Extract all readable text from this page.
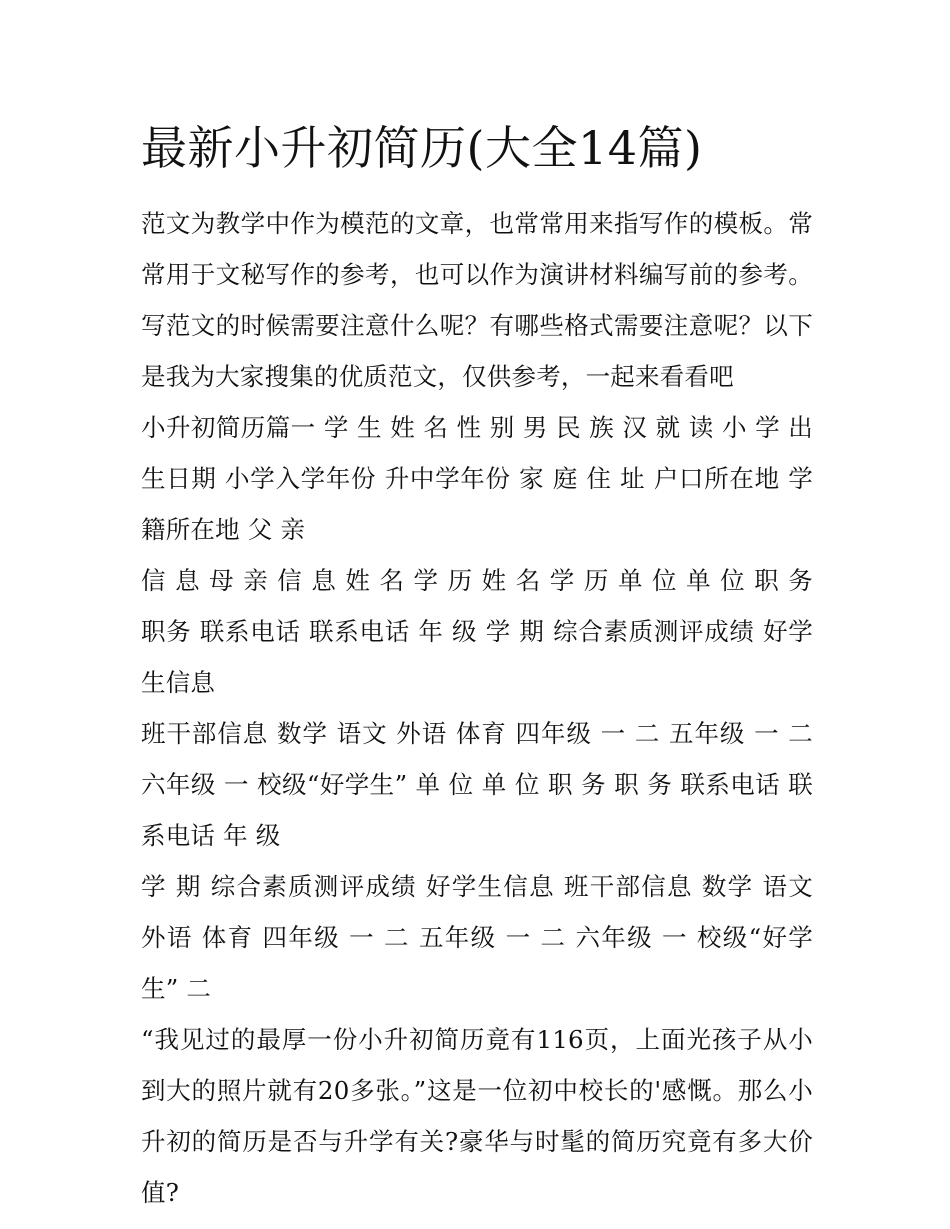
最新小升初简历(大全14篇)

范文为教学中作为模范的文章，也常常用来指写作的模板。常常用于文秘写作的参考，也可以作为演讲材料编写前的参考。写范文的时候需要注意什么呢？有哪些格式需要注意呢？以下是我为大家搜集的优质范文，仅供参考，一起来看看吧

小升初简历篇一 学 生 姓 名 性 别 男 民 族 汉 就 读 小 学 出生日期 小学入学年份 升中学年份 家 庭 住 址 户口所在地 学籍所在地 父 亲

信 息 母 亲 信 息 姓 名 学 历 姓 名 学 历 单 位 单 位 职 务 职务 联系电话 联系电话 年 级 学 期 综合素质测评成绩 好学生信息

班干部信息 数学 语文 外语 体育 四年级 一 二 五年级 一 二 六年级 一 校级“好学生” 单 位 单 位 职 务 职 务 联系电话 联系电话 年 级

学 期 综合素质测评成绩 好学生信息 班干部信息 数学 语文 外语 体育 四年级 一 二 五年级 一 二 六年级 一 校级“好学生” 二

“我见过的最厚一份小升初简历竟有116页，上面光孩子从小到大的照片就有20多张。”这是一位初中校长的'感慨。那么小升初的简历是否与升学有关?豪华与时髦的简历究竟有多大价值?
